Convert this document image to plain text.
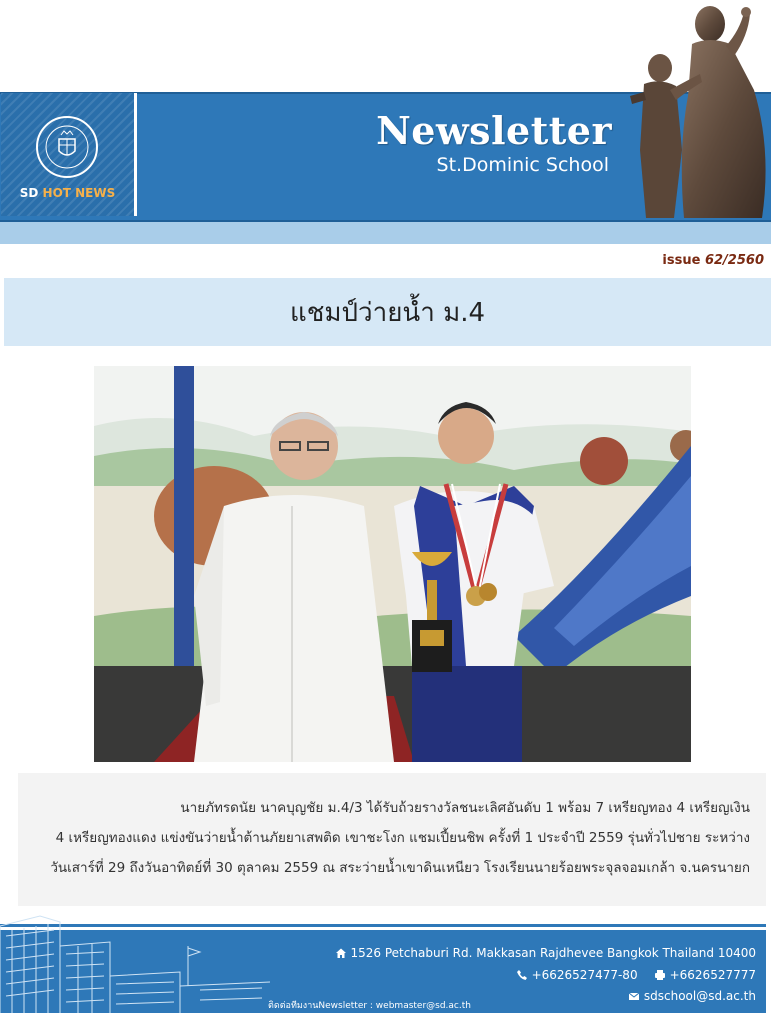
SD HOT NEWS
Newsletter
St.Dominic School
issue 62/2560
แชมป์ว่ายน้ำ ม.4
นายภัทรดนัย นาคบุญชัย ม.4/3 ได้รับถ้วยรางวัลชนะเลิศอันดับ 1 พร้อม 7 เหรียญทอง 4 เหรียญเงิน
4 เหรียญทองแดง แข่งขันว่ายน้ำต้านภัยยาเสพติด เขาชะโงก แชมเปี้ยนชิพ ครั้งที่ 1 ประจำปี 2559 รุ่นทั่วไปชาย ระหว่าง
วันเสาร์ที่ 29 ถึงวันอาทิตย์ที่ 30 ตุลาคม 2559 ณ สระว่ายน้ำเขาดินเหนียว โรงเรียนนายร้อยพระจุลจอมเกล้า จ.นครนายก
1526 Petchaburi Rd. Makkasan Rajdhevee Bangkok Thailand 10400
+6626527477-80	+6626527777
sdschool@sd.ac.th
ติดต่อทีมงานNewsletter : webmaster@sd.ac.th
